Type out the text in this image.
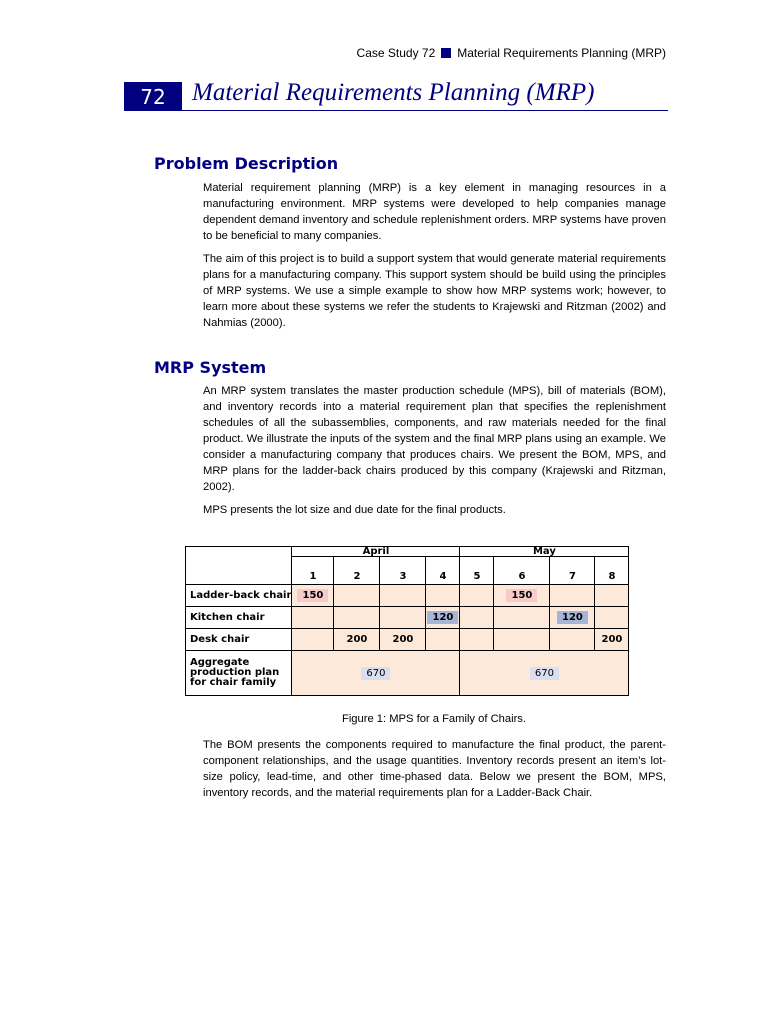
Case Study 72 Material Requirements Planning (MRP)
72	Material Requirements Planning (MRP)
Problem Description

Material requirement planning (MRP) is a key element in managing resources in a manufacturing environment. MRP systems were developed to help companies manage dependent demand inventory and schedule replenishment orders. MRP systems have proven to be beneficial to many companies.

The aim of this project is to build a support system that would generate material requirements plans for a manufacturing company. This support system should be build using the principles of MRP systems. We use a simple example to show how MRP systems work; however, to learn more about these systems we refer the students to Krajewski and Ritzman (2002) and Nahmias (2000).

MRP System

An MRP system translates the master production schedule (MPS), bill of materials (BOM), and inventory records into a material requirement plan that specifies the replenishment schedules of all the subassemblies, components, and raw materials needed for the final product. We illustrate the inputs of the system and the final MRP plans using an example. We consider a manufacturing company that produces chairs. We present the BOM, MPS, and MRP plans for the ladder-back chairs produced by this company (Krajewski and Ritzman, 2002).

MPS presents the lot size and due date for the final products.

	April				May			
	1	2	3	4	5	6	7	8
Ladder-back chair	150					150		
Kitchen chair				120			120	
Desk chair		200	200					200
Aggregate production plan for chair family	670				670			
Figure 1: MPS for a Family of Chairs.

The BOM presents the components required to manufacture the final product, the parent-component relationships, and the usage quantities. Inventory records present an item’s lot-size policy, lead-time, and other time-phased data. Below we present the BOM, MPS, inventory records, and the material requirements plan for a Ladder-Back Chair.
